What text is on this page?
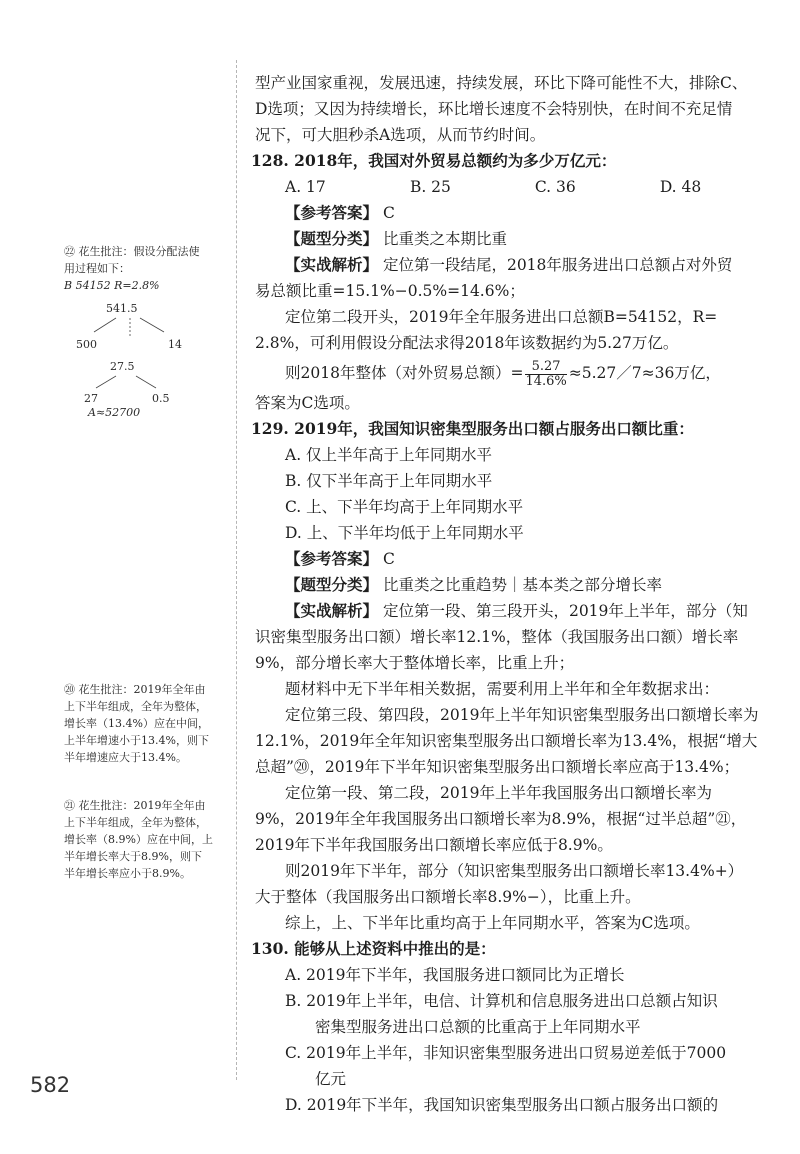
型产业国家重视，发展迅速，持续发展，环比下降可能性不大，排除C、
D选项；又因为持续增长，环比增长速度不会特别快，在时间不充足情
况下，可大胆秒杀A选项，从而节约时间。
128. 2018年，我国对外贸易总额约为多少万亿元：
A. 17	B. 25	C. 36	D. 48
【参考答案】 C
【题型分类】 比重类之本期比重
【实战解析】 定位第一段结尾，2018年服务进出口总额占对外贸
易总额比重=15.1%−0.5%=14.6%；
定位第二段开头，2019年全年服务进出口总额B=54152，R=
2.8%，可利用假设分配法求得2018年该数据约为5.27万亿。
则2018年整体（对外贸易总额）= $\frac{5.27}{14.6\%}$ ≈5.27／7≈36万亿，
答案为C选项。
129. 2019年，我国知识密集型服务出口额占服务出口额比重：
A. 仅上半年高于上年同期水平
B. 仅下半年高于上年同期水平
C. 上、下半年均高于上年同期水平
D. 上、下半年均低于上年同期水平
【参考答案】 C
【题型分类】 比重类之比重趋势｜基本类之部分增长率
【实战解析】 定位第一段、第三段开头，2019年上半年，部分（知
识密集型服务出口额）增长率12.1%，整体（我国服务出口额）增长率
9%，部分增长率大于整体增长率，比重上升；
题材料中无下半年相关数据，需要利用上半年和全年数据求出：
定位第三段、第四段，2019年上半年知识密集型服务出口额增长率为
12.1%，2019年全年知识密集型服务出口额增长率为13.4%，根据“增大
总超”⑳，2019年下半年知识密集型服务出口额增长率应高于13.4%；
定位第一段、第二段，2019年上半年我国服务出口额增长率为
9%，2019年全年我国服务出口额增长率为8.9%，根据“过半总超”㉑，
2019年下半年我国服务出口额增长率应低于8.9%。
则2019年下半年，部分（知识密集型服务出口额增长率13.4%+）
大于整体（我国服务出口额增长率8.9%−），比重上升。
综上，上、下半年比重均高于上年同期水平，答案为C选项。
130. 能够从上述资料中推出的是：
A. 2019年下半年，我国服务进口额同比为正增长
B. 2019年上半年，电信、计算机和信息服务进出口总额占知识
密集型服务进出口总额的比重高于上年同期水平
C. 2019年上半年，非知识密集型服务进出口贸易逆差低于7000
亿元
D. 2019年下半年，我国知识密集型服务出口额占服务出口额的
㉒ 花生批注：假设分配法使
用过程如下：
B 54152 R=2.8%
541.5
500	14
27.5
27	0.5
A≈52700
⑳ 花生批注：2019年全年由
上下半年组成，全年为整体，
增长率（13.4%）应在中间，
上半年增速小于13.4%，则下
半年增速应大于13.4%。
㉑ 花生批注：2019年全年由
上下半年组成，全年为整体，
增长率（8.9%）应在中间，上
半年增长率大于8.9%，则下
半年增长率应小于8.9%。
582
